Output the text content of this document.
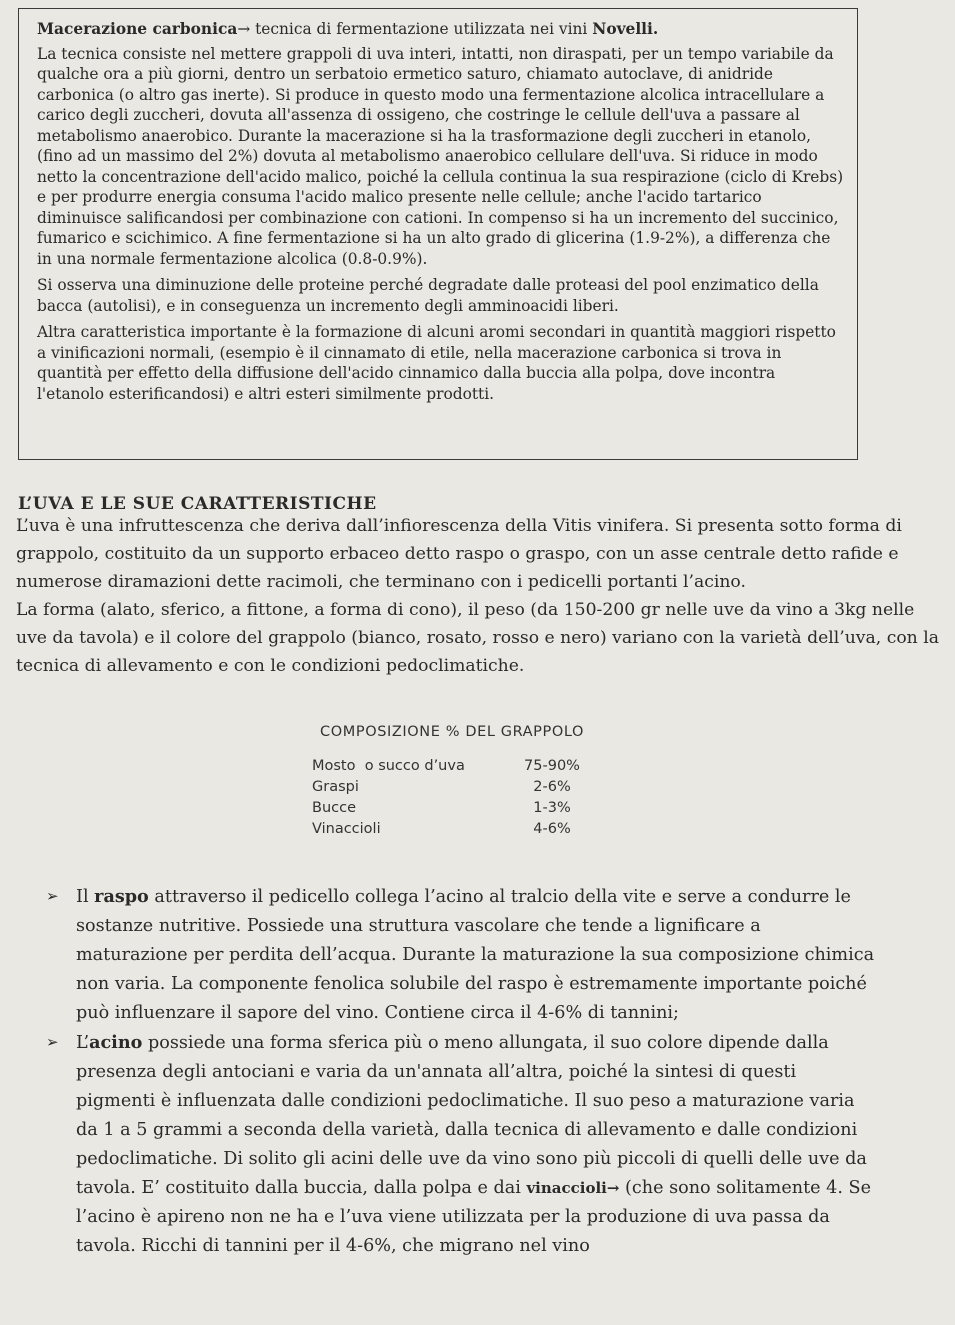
Macerazione carbonica→ tecnica di fermentazione utilizzata nei vini Novelli.

La tecnica consiste nel mettere grappoli di uva interi, intatti, non diraspati, per un tempo variabile da qualche ora a più giorni, dentro un serbatoio ermetico saturo, chiamato autoclave, di anidride carbonica (o altro gas inerte). Si produce in questo modo una fermentazione alcolica intracellulare a carico degli zuccheri, dovuta all'assenza di ossigeno, che costringe le cellule dell'uva a passare al metabolismo anaerobico. Durante la macerazione si ha la trasformazione degli zuccheri in etanolo, (fino ad un massimo del 2%) dovuta al metabolismo anaerobico cellulare dell'uva. Si riduce in modo netto la concentrazione dell'acido malico, poiché la cellula continua la sua respirazione (ciclo di Krebs) e per produrre energia consuma l'acido malico presente nelle cellule; anche l'acido tartarico diminuisce salificandosi per combinazione con cationi. In compenso si ha un incremento del succinico, fumarico e scichimico. A fine fermentazione si ha un alto grado di glicerina (1.9-2%), a differenza che in una normale fermentazione alcolica (0.8-0.9%).

Si osserva una diminuzione delle proteine perché degradate dalle proteasi del pool enzimatico della bacca (autolisi), e in conseguenza un incremento degli amminoacidi liberi.

Altra caratteristica importante è la formazione di alcuni aromi secondari in quantità maggiori rispetto a vinificazioni normali, (esempio è il cinnamato di etile, nella macerazione carbonica si trova in quantità per effetto della diffusione dell'acido cinnamico dalla buccia alla polpa, dove incontra l'etanolo esterificandosi) e altri esteri similmente prodotti.

L’UVA E LE SUE CARATTERISTICHE

L’uva è una infruttescenza che deriva dall’infiorescenza della Vitis vinifera. Si presenta sotto forma di grappolo, costituito da un supporto erbaceo detto raspo o graspo, con un asse centrale detto rafide e numerose diramazioni dette racimoli, che terminano con i pedicelli portanti l’acino.

La forma (alato, sferico, a fittone, a forma di cono), il peso (da 150-200 gr nelle uve da vino a 3kg nelle uve da tavola) e il colore del grappolo (bianco, rosato, rosso e nero) variano con la varietà dell’uva, con la tecnica di allevamento e con le condizioni pedoclimatiche.

COMPOSIZIONE % DEL GRAPPOLO
Mosto  o succo d’uva	75-90%
Graspi	2-6%
Bucce	1-3%
Vinaccioli	4-6%
➢ Il raspo attraverso il pedicello collega l’acino al tralcio della vite e serve a condurre le sostanze nutritive. Possiede una struttura vascolare che tende a lignificare a maturazione per perdita dell’acqua. Durante la maturazione la sua composizione chimica non varia. La componente fenolica solubile del raspo è estremamente importante poiché può influenzare il sapore del vino. Contiene circa il 4-6% di tannini;
➢ L’acino possiede una forma sferica più o meno allungata, il suo colore dipende dalla presenza degli antociani e varia da un'annata all’altra, poiché la sintesi di questi pigmenti è influenzata dalle condizioni pedoclimatiche. Il suo peso a maturazione varia da 1 a 5 grammi a seconda della varietà, dalla tecnica di allevamento e dalle condizioni pedoclimatiche. Di solito gli acini delle uve da vino sono più piccoli di quelli delle uve da tavola. E’ costituito dalla buccia, dalla polpa e dai vinaccioli→ (che sono solitamente 4. Se l’acino è apireno non ne ha e l’uva viene utilizzata per la produzione di uva passa da tavola. Ricchi di tannini per il 4-6%, che migrano nel vino
